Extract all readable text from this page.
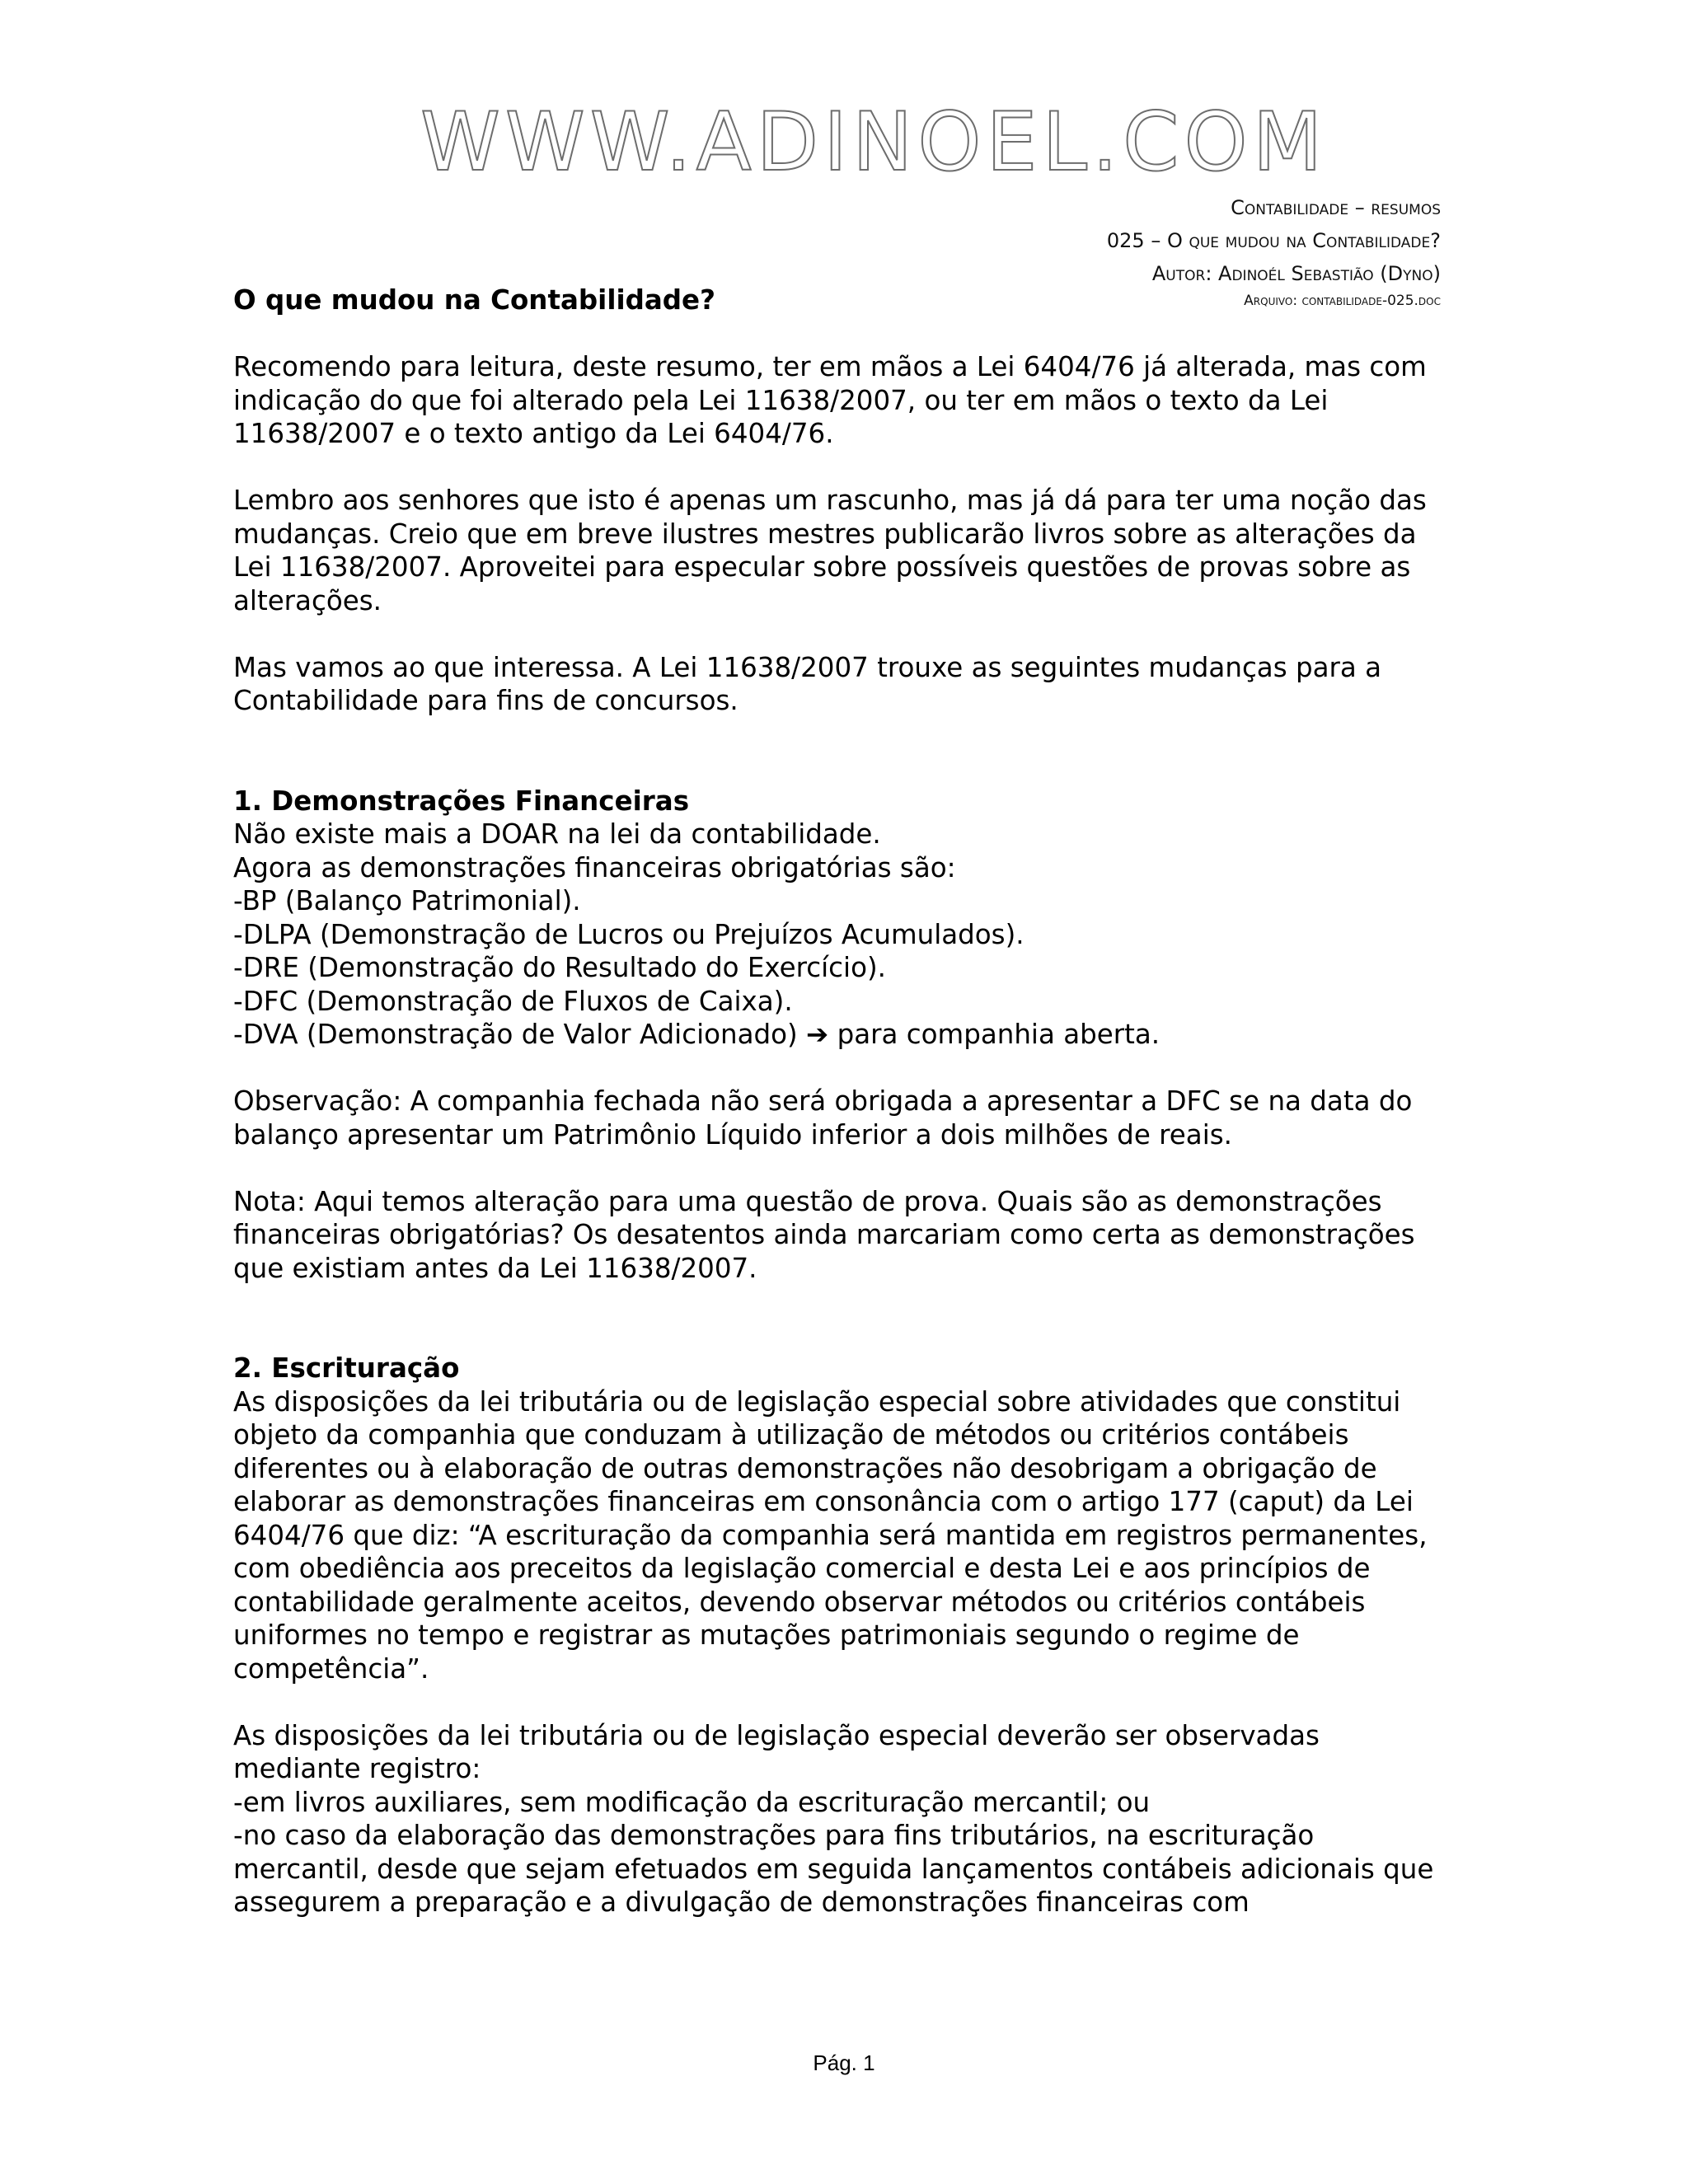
WWW.ADINOEL.COM
Contabilidade – resumos
025 – O que mudou na Contabilidade?
Autor: Adinoél Sebastião (Dyno)
Arquivo: contabilidade-025.doc
O que mudou na Contabilidade?

Recomendo para leitura, deste resumo, ter em mãos a Lei 6404/76 já alterada, mas com indicação do que foi alterado pela Lei 11638/2007, ou ter em mãos o texto da Lei 11638/2007 e o texto antigo da Lei 6404/76.

Lembro aos senhores que isto é apenas um rascunho, mas já dá para ter uma noção das mudanças. Creio que em breve ilustres mestres publicarão livros sobre as alterações da Lei 11638/2007. Aproveitei para especular sobre possíveis questões de provas sobre as alterações.

Mas vamos ao que interessa. A Lei 11638/2007 trouxe as seguintes mudanças para a Contabilidade para fins de concursos.

1. Demonstrações Financeiras

Não existe mais a DOAR na lei da contabilidade.

Agora as demonstrações financeiras obrigatórias são:

-BP (Balanço Patrimonial).

-DLPA (Demonstração de Lucros ou Prejuízos Acumulados).

-DRE (Demonstração do Resultado do Exercício).

-DFC (Demonstração de Fluxos de Caixa).

-DVA (Demonstração de Valor Adicionado) ➔ para companhia aberta.

Observação: A companhia fechada não será obrigada a apresentar a DFC se na data do balanço apresentar um Patrimônio Líquido inferior a dois milhões de reais.

Nota: Aqui temos alteração para uma questão de prova. Quais são as demonstrações financeiras obrigatórias? Os desatentos ainda marcariam como certa as demonstrações que existiam antes da Lei 11638/2007.

2. Escrituração

As disposições da lei tributária ou de legislação especial sobre atividades que constitui objeto da companhia que conduzam à utilização de métodos ou critérios contábeis diferentes ou à elaboração de outras demonstrações não desobrigam a obrigação de elaborar as demonstrações financeiras em consonância com o artigo 177 (caput) da Lei 6404/76 que diz: “A escrituração da companhia será mantida em registros permanentes, com obediência aos preceitos da legislação comercial e desta Lei e aos princípios de contabilidade geralmente aceitos, devendo observar métodos ou critérios contábeis uniformes no tempo e registrar as mutações patrimoniais segundo o regime de competência”.

As disposições da lei tributária ou de legislação especial deverão ser observadas mediante registro:

-em livros auxiliares, sem modificação da escrituração mercantil; ou

-no caso da elaboração das demonstrações para fins tributários, na escrituração mercantil, desde que sejam efetuados em seguida lançamentos contábeis adicionais que assegurem a preparação e a divulgação de demonstrações financeiras com

Pág. 1
